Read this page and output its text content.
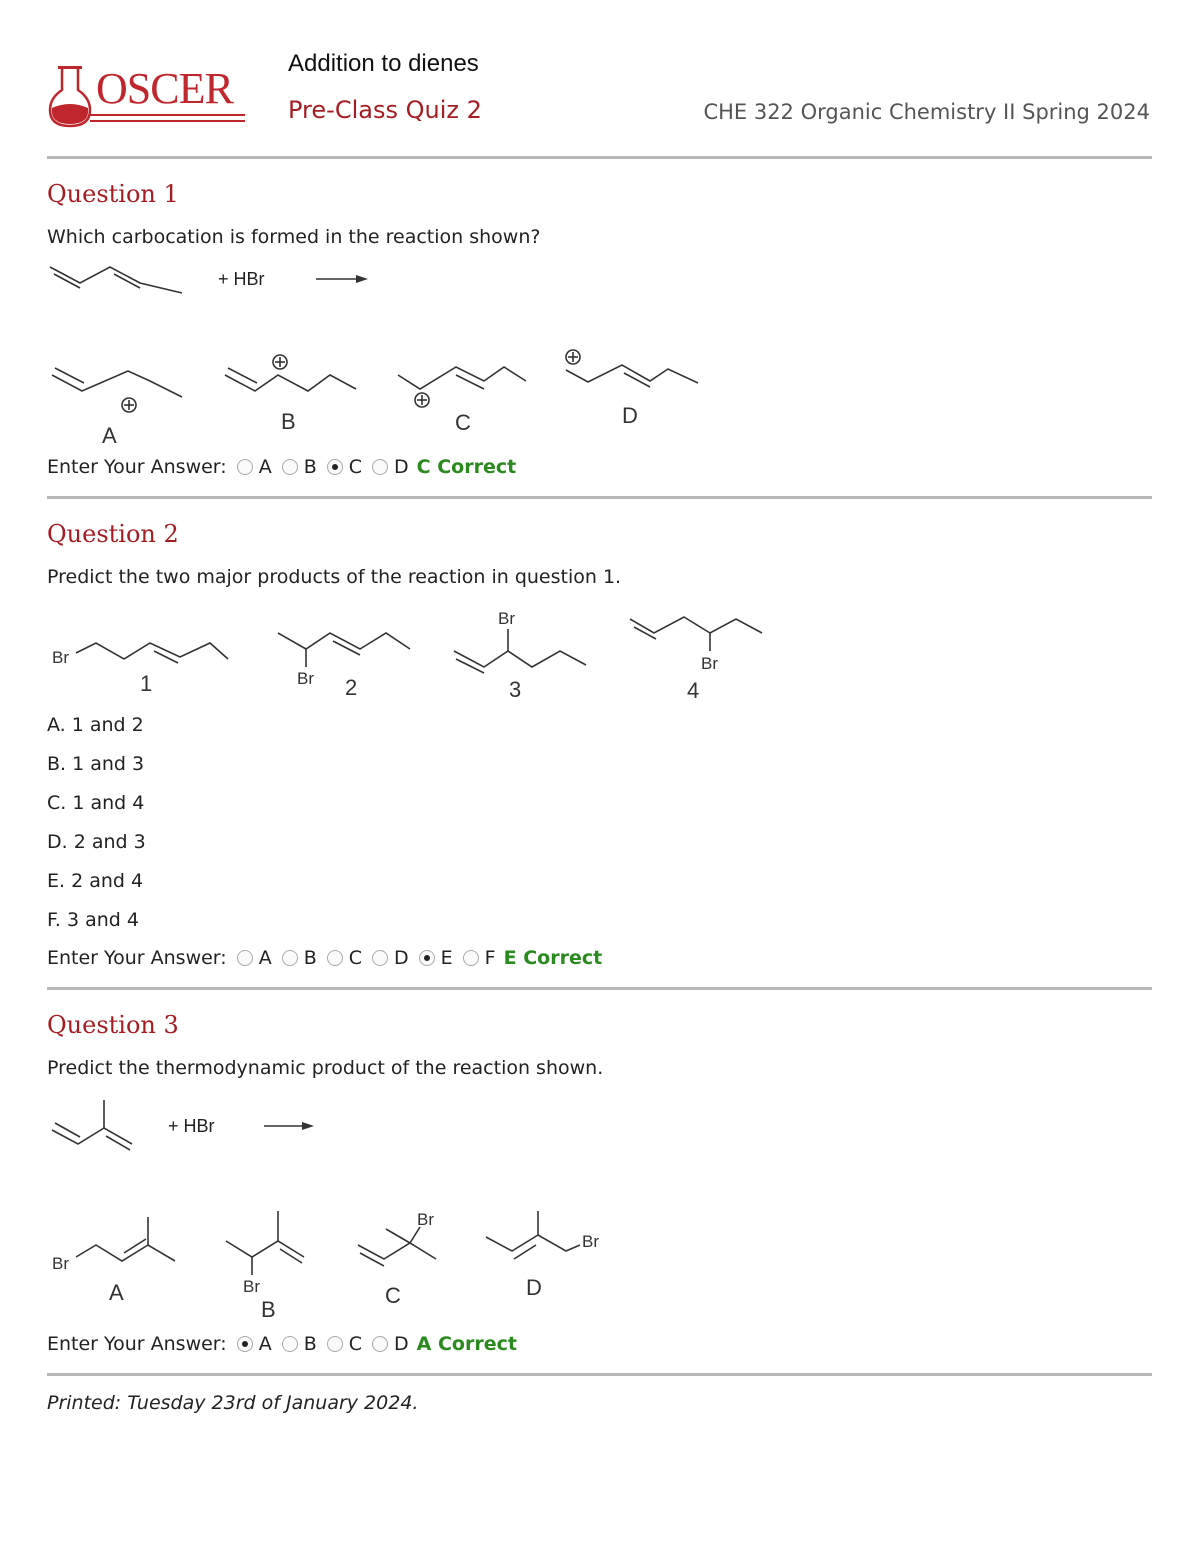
OSCER
Addition to dienes
Pre-Class Quiz 2	CHE 322 Organic Chemistry II Spring 2024
Question 1
Which carbocation is formed in the reaction shown?
+ HBr
A
B	C	D
Enter Your Answer: A B C D C Correct
Question 2
Predict the two major products of the reaction in question 1.
Br
Br
Br
Br
1	2	3	4
A. 1 and 2
B. 1 and 3
C. 1 and 4
D. 2 and 3
E. 2 and 4
F. 3 and 4
Enter Your Answer: A B C D E F E Correct
Question 3
Predict the thermodynamic product of the reaction shown.
+ HBr
Br
Br
Br
Br
A
B
C	D
Enter Your Answer: A B C D A Correct
Printed: Tuesday 23rd of January 2024.
